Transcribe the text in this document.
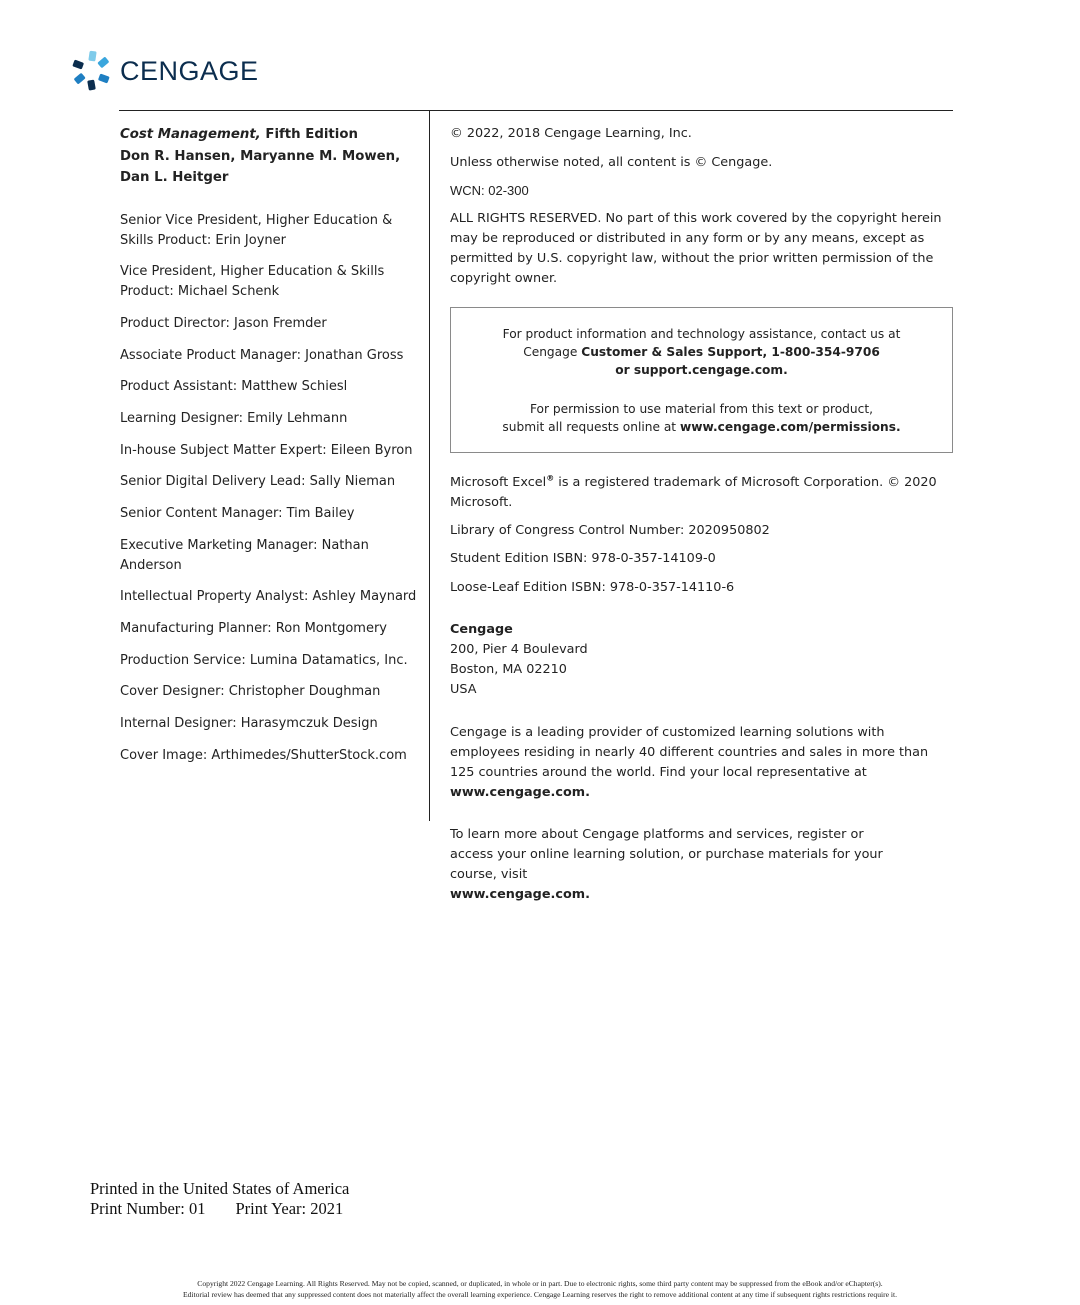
CENGAGE
Cost Management, Fifth Edition
Don R. Hansen, Maryanne M. Mowen,
Dan L. Heitger
Senior Vice President, Higher Education & Skills Product: Erin Joyner
Vice President, Higher Education & Skills Product: Michael Schenk
Product Director: Jason Fremder
Associate Product Manager: Jonathan Gross
Product Assistant: Matthew Schiesl
Learning Designer: Emily Lehmann
In-house Subject Matter Expert: Eileen Byron
Senior Digital Delivery Lead: Sally Nieman
Senior Content Manager: Tim Bailey
Executive Marketing Manager: Nathan Anderson
Intellectual Property Analyst: Ashley Maynard
Manufacturing Planner: Ron Montgomery
Production Service: Lumina Datamatics, Inc.
Cover Designer: Christopher Doughman
Internal Designer: Harasymczuk Design
Cover Image: Arthimedes/ShutterStock.com

© 2022, 2018 Cengage Learning, Inc.

Unless otherwise noted, all content is © Cengage.

WCN: 02-300

ALL RIGHTS RESERVED. No part of this work covered by the copyright herein may be reproduced or distributed in any form or by any means, except as permitted by U.S. copyright law, without the prior written permission of the copyright owner.

For product information and technology assistance, contact us at
Cengage Customer & Sales Support, 1-800-354-9706
or support.cengage.com.
For permission to use material from this text or product,
submit all requests online at www.cengage.com/permissions.

Microsoft Excel® is a registered trademark of Microsoft Corporation. © 2020 Microsoft.

Library of Congress Control Number: 2020950802

Student Edition ISBN: 978-0-357-14109-0

Loose-Leaf Edition ISBN: 978-0-357-14110-6

Cengage
200, Pier 4 Boulevard
Boston, MA 02210
USA

Cengage is a leading provider of customized learning solutions with employees residing in nearly 40 different countries and sales in more than 125 countries around the world. Find your local representative at www.cengage.com.

To learn more about Cengage platforms and services, register or access your online learning solution, or purchase materials for your course, visit
www.cengage.com.

Printed in the United States of America
Print Number: 01 Print Year: 2021
Copyright 2022 Cengage Learning. All Rights Reserved. May not be copied, scanned, or duplicated, in whole or in part. Due to electronic rights, some third party content may be suppressed from the eBook and/or eChapter(s).
Editorial review has deemed that any suppressed content does not materially affect the overall learning experience. Cengage Learning reserves the right to remove additional content at any time if subsequent rights restrictions require it.
